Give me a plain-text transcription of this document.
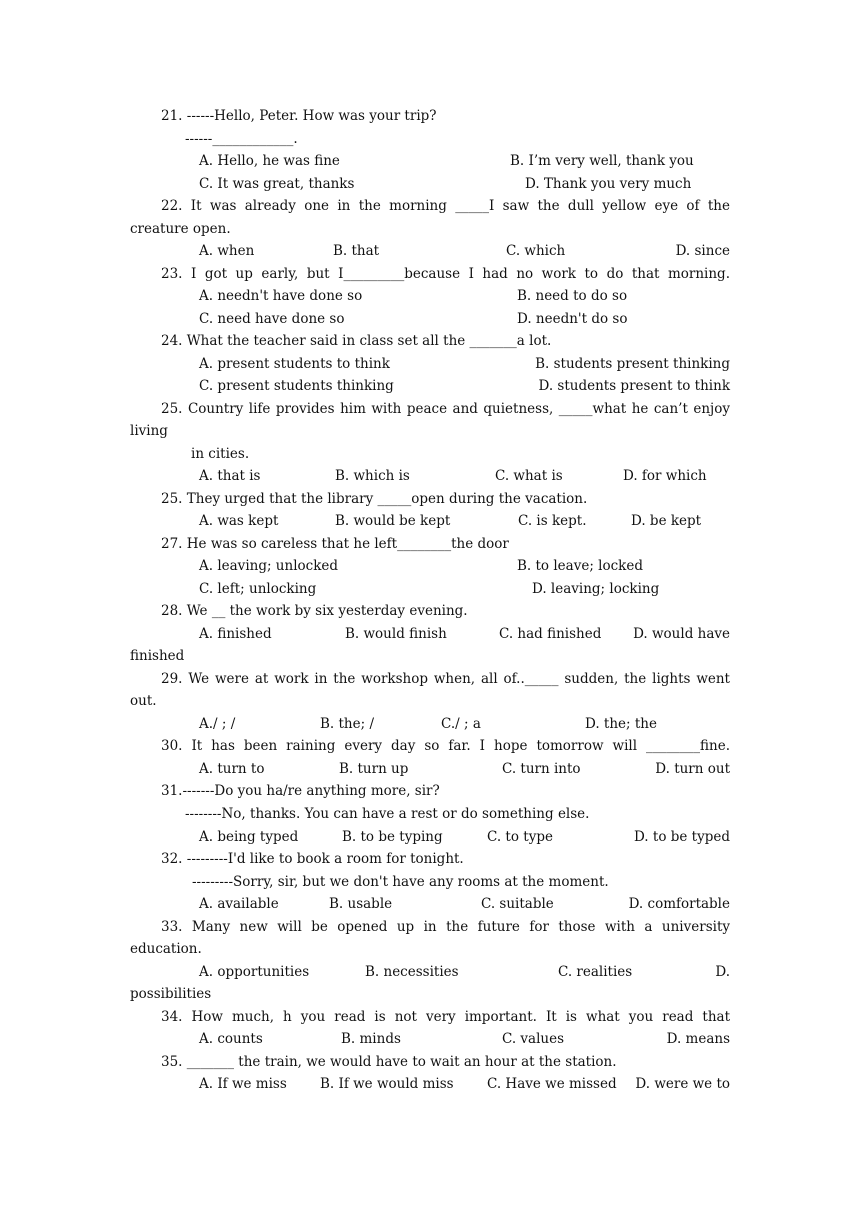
21. ------Hello, Peter. How was your trip?
------____________.
A. Hello, he was fine	B. I’m very well, thank you
C. It was great, thanks	D. Thank you very much
22. It was already one in the morning _____I saw the dull yellow eye of the
creature open.
A. when	B. that	C. which	D. since
23. I got up early, but I_________because I had no work to do that morning.
A. needn't have done so	B. need to do so
C. need have done so	D. needn't do so
24. What the teacher said in class set all the _______a lot.
A. present students to think	B. students present thinking
C. present students thinking	D. students present to think
25. Country life provides him with peace and quietness, _____what he can’t enjoy
living
in cities.
A. that is	B. which is	C. what is	D. for which
25. They urged that the library _____open during the vacation.
A. was kept	B. would be kept	C. is kept.	D. be kept
27. He was so careless that he left________the door
A. leaving; unlocked	B. to leave; locked
C. left; unlocking	D. leaving; locking
28. We __ the work by six yesterday evening.
A. finished	B. would finish	C. had finished D. would have
finished
29. We were at work in the workshop when, all of.._____ sudden, the lights went
out.
A./ ; /	B. the; /	C./ ; a	D. the; the
30. It has been raining every day so far. I hope tomorrow will ________fine.
A. turn to	B. turn up	C. turn into	D. turn out
31.-------Do you ha/re anything more, sir?
--------No, thanks. You can have a rest or do something else.
A. being typed	B. to be typing	C. to type	D. to be typed
32. ---------I'd like to book a room for tonight.
---------Sorry, sir, but we don't have any rooms at the moment.
A. available	B. usable	C. suitable	D. comfortable
33. Many new will be opened up in the future for those with a university
education.
A. opportunities	B. necessities	C. realities	D.
possibilities
34. How much, h you read is not very important. It is what you read that
A. counts	B. minds	C. values	D. means
35. _______ the train, we would have to wait an hour at the station.
A. If we miss B. If we would miss C. Have we missed D. were we to
